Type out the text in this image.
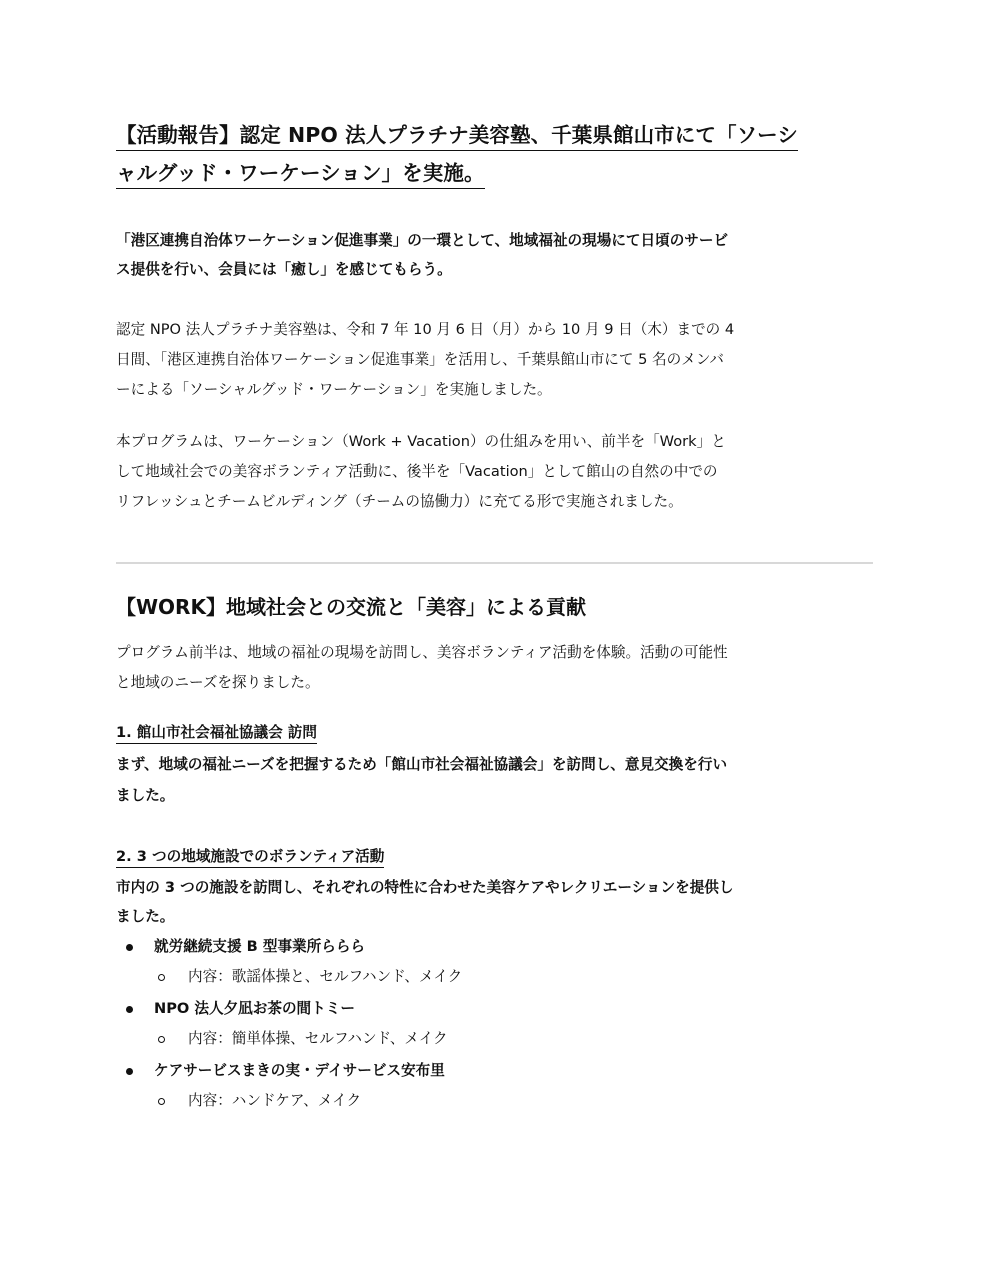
【活動報告】認定 NPO 法人プラチナ美容塾、千葉県館山市にて「ソーシ
ャルグッド・ワーケーション」を実施。

「港区連携自治体ワーケーション促進事業」の一環として、地域福祉の現場にて日頃のサービ

ス提供を行い、会員には「癒し」を感じてもらう。

認定 NPO 法人プラチナ美容塾は、令和 7 年 10 月 6 日（月）から 10 月 9 日（木）までの 4

日間、「港区連携自治体ワーケーション促進事業」を活用し、千葉県館山市にて 5 名のメンバ

ーによる「ソーシャルグッド・ワーケーション」を実施しました。

本プログラムは、ワーケーション（Work + Vacation）の仕組みを用い、前半を「Work」と

して地域社会での美容ボランティア活動に、後半を「Vacation」として館山の自然の中での

リフレッシュとチームビルディング（チームの協働力）に充てる形で実施されました。

【WORK】地域社会との交流と「美容」による貢献

プログラム前半は、地域の福祉の現場を訪問し、美容ボランティア活動を体験。活動の可能性

と地域のニーズを探りました。

1. 館山市社会福祉協議会 訪問

まず、地域の福祉ニーズを把握するため「館山市社会福祉協議会」を訪問し、意見交換を行い

ました。

2. 3 つの地域施設でのボランティア活動

市内の 3 つの施設を訪問し、それぞれの特性に合わせた美容ケアやレクリエーションを提供し

ました。

就労継続支援 B 型事業所ららら

内容：歌謡体操と、セルフハンド、メイク

NPO 法人夕凪お茶の間トミー

内容：簡単体操、セルフハンド、メイク

ケアサービスまきの実・デイサービス安布里

内容：ハンドケア、メイク
